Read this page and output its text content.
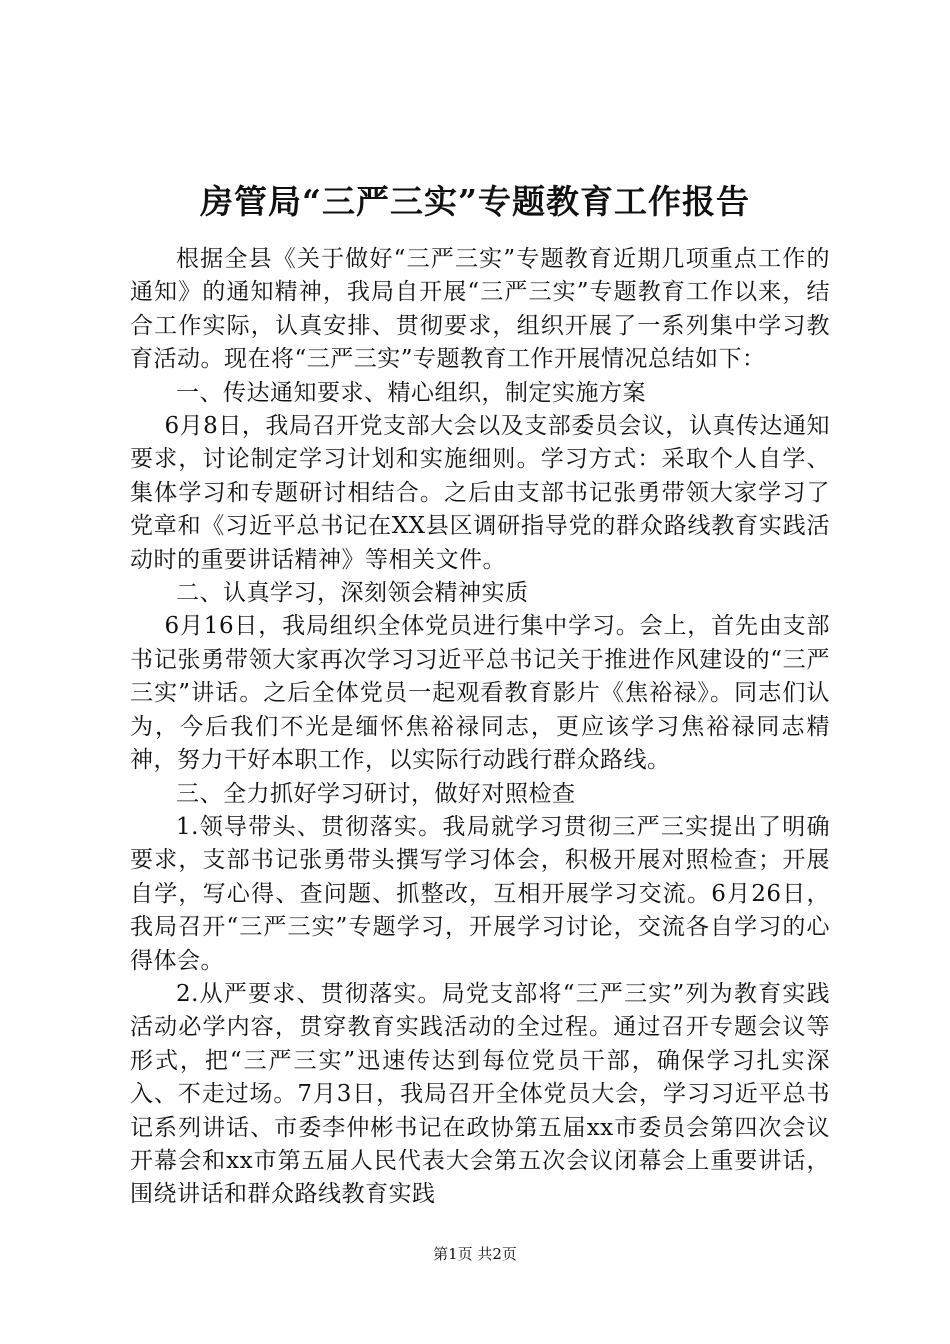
房管局“三严三实”专题教育工作报告

根据全县《关于做好“三严三实”专题教育近期几项重点工作的通知》的通知精神，我局自开展“三严三实”专题教育工作以来，结合工作实际，认真安排、贯彻要求，组织开展了一系列集中学习教育活动。现在将“三严三实”专题教育工作开展情况总结如下：

一、传达通知要求、精心组织，制定实施方案

6月8日，我局召开党支部大会以及支部委员会议，认真传达通知要求，讨论制定学习计划和实施细则。学习方式：采取个人自学、集体学习和专题研讨相结合。之后由支部书记张勇带领大家学习了党章和《习近平总书记在XX县区调研指导党的群众路线教育实践活动时的重要讲话精神》等相关文件。

二、认真学习，深刻领会精神实质

6月16日，我局组织全体党员进行集中学习。会上，首先由支部书记张勇带领大家再次学习习近平总书记关于推进作风建设的“三严三实”讲话。之后全体党员一起观看教育影片《焦裕禄》。同志们认为，今后我们不光是缅怀焦裕禄同志，更应该学习焦裕禄同志精神，努力干好本职工作，以实际行动践行群众路线。

三、全力抓好学习研讨，做好对照检查

1.领导带头、贯彻落实。我局就学习贯彻三严三实提出了明确要求，支部书记张勇带头撰写学习体会，积极开展对照检查；开展自学，写心得、查问题、抓整改，互相开展学习交流。6月26日，我局召开“三严三实”专题学习，开展学习讨论，交流各自学习的心得体会。

2.从严要求、贯彻落实。局党支部将“三严三实”列为教育实践活动必学内容，贯穿教育实践活动的全过程。通过召开专题会议等形式，把“三严三实”迅速传达到每位党员干部，确保学习扎实深入、不走过场。7月3日，我局召开全体党员大会，学习习近平总书记系列讲话、市委李仲彬书记在政协第五届xx市委员会第四次会议开幕会和xx市第五届人民代表大会第五次会议闭幕会上重要讲话，围绕讲话和群众路线教育实践

第1页 共2页
